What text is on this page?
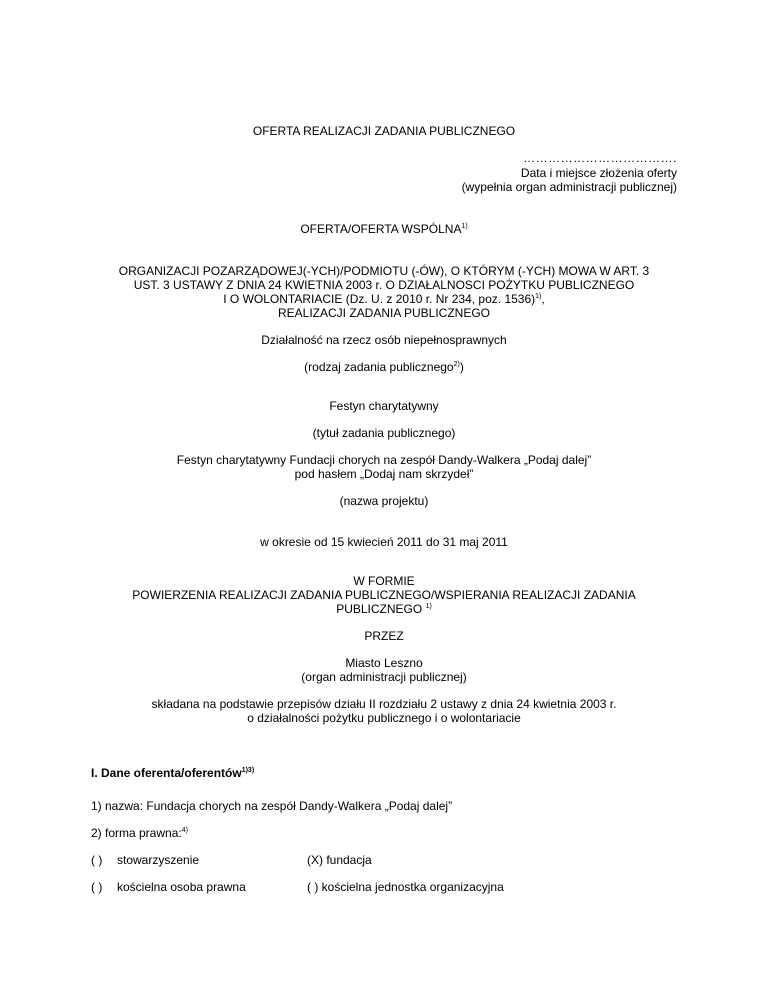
OFERTA REALIZACJI ZADANIA PUBLICZNEGO
……………………………….
Data i miejsce złożenia oferty
(wypełnia organ administracji publicznej)
OFERTA/OFERTA WSPÓLNA$^{1)}$
ORGANIZACJI POZARZĄDOWEJ(-YCH)/PODMIOTU (-ÓW), O KTÓRYM (-YCH) MOWA W ART. 3
UST. 3 USTAWY Z DNIA 24 KWIETNIA 2003 r. O DZIAŁALNOSCI POŻYTKU PUBLICZNEGO
I O WOLONTARIACIE (Dz. U. z 2010 r. Nr 234, poz. 1536)$^{1)}$,
REALIZACJI ZADANIA PUBLICZNEGO
Działalność na rzecz osób niepełnosprawnych
(rodzaj zadania publicznego$^{2)}$)
Festyn charytatywny
(tytuł zadania publicznego)
Festyn charytatywny Fundacji chorych na zespół Dandy-Walkera „Podaj dalej”
pod hasłem „Dodaj nam skrzydeł”
(nazwa projektu)
w okresie od 15 kwiecień 2011 do 31 maj 2011
W FORMIE
POWIERZENIA REALIZACJI ZADANIA PUBLICZNEGO/WSPIERANIA REALIZACJI ZADANIA
PUBLICZNEGO $^{1)}$
PRZEZ
Miasto Leszno
(organ administracji publicznej)
składana na podstawie przepisów działu II rozdziału 2 ustawy z dnia 24 kwietnia 2003 r.
o działalności pożytku publicznego i o wolontariacie
I. Dane oferenta/oferentów$^{1)3)}$
1) nazwa: Fundacja chorych na zespół Dandy-Walkera „Podaj dalej”
2) forma prawna:$^{4)}$
( ) stowarzyszenie	(X) fundacja
( ) kościelna osoba prawna	( ) kościelna jednostka organizacyjna
